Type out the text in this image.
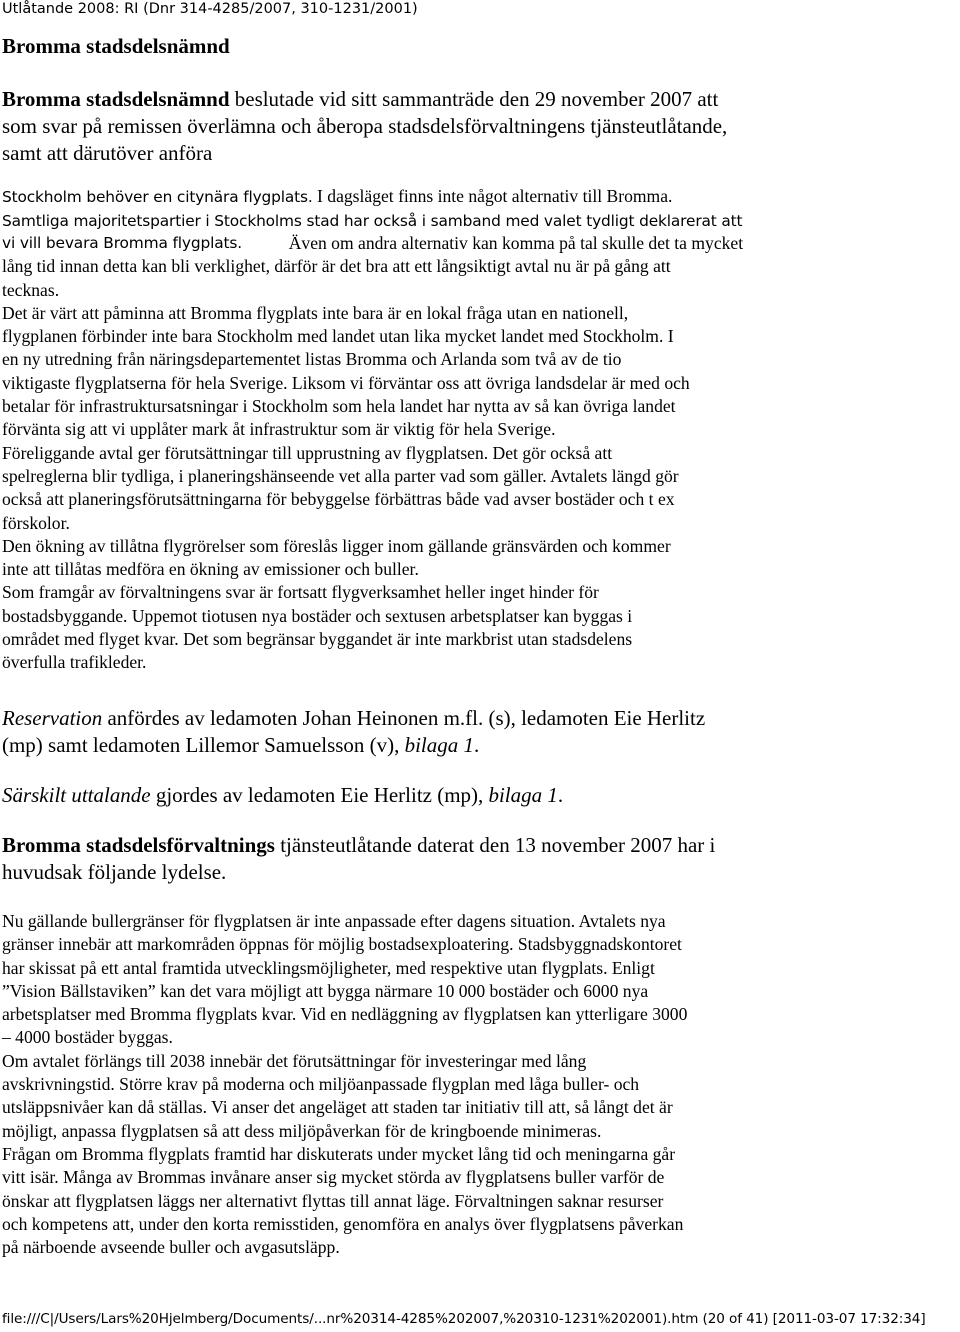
Utlåtande 2008: RI (Dnr 314-4285/2007, 310-1231/2001)
Bromma stadsdelsnämnd
Bromma stadsdelsnämnd beslutade vid sitt sammanträde den 29 november 2007 att
som svar på remissen överlämna och åberopa stadsdelsförvaltningens tjänsteutlåtande,
samt att därutöver anföra
Stockholm behöver en citynära flygplats. I dagsläget finns inte något alternativ till Bromma.
Samtliga majoritetspartier i Stockholms stad har också i samband med valet tydligt deklarerat att
vi vill bevara Bromma flygplats.	Även om andra alternativ kan komma på tal skulle det ta mycket
lång tid innan detta kan bli verklighet, därför är det bra att ett långsiktigt avtal nu är på gång att
tecknas.
Det är värt att påminna att Bromma flygplats inte bara är en lokal fråga utan en nationell,
flygplanen förbinder inte bara Stockholm med landet utan lika mycket landet med Stockholm. I
en ny utredning från näringsdepartementet listas Bromma och Arlanda som två av de tio
viktigaste flygplatserna för hela Sverige. Liksom vi förväntar oss att övriga landsdelar är med och
betalar för infrastruktursatsningar i Stockholm som hela landet har nytta av så kan övriga landet
förvänta sig att vi upplåter mark åt infrastruktur som är viktig för hela Sverige.
Föreliggande avtal ger förutsättningar till upprustning av flygplatsen. Det gör också att
spelreglerna blir tydliga, i planeringshänseende vet alla parter vad som gäller. Avtalets längd gör
också att planeringsförutsättningarna för bebyggelse förbättras både vad avser bostäder och t ex
förskolor.
Den ökning av tillåtna flygrörelser som föreslås ligger inom gällande gränsvärden och kommer
inte att tillåtas medföra en ökning av emissioner och buller.
Som framgår av förvaltningens svar är fortsatt flygverksamhet heller inget hinder för
bostadsbyggande. Uppemot tiotusen nya bostäder och sextusen arbetsplatser kan byggas i
området med flyget kvar. Det som begränsar byggandet är inte markbrist utan stadsdelens
överfulla trafikleder.
Reservation anfördes av ledamoten Johan Heinonen m.fl. (s), ledamoten Eie Herlitz
(mp) samt ledamoten Lillemor Samuelsson (v), bilaga 1.
Särskilt uttalande gjordes av ledamoten Eie Herlitz (mp), bilaga 1.
Bromma stadsdelsförvaltnings tjänsteutlåtande daterat den 13 november 2007 har i
huvudsak följande lydelse.
Nu gällande bullergränser för flygplatsen är inte anpassade efter dagens situation. Avtalets nya
gränser innebär att markområden öppnas för möjlig bostadsexploatering. Stadsbyggnadskontoret
har skissat på ett antal framtida utvecklingsmöjligheter, med respektive utan flygplats. Enligt
”Vision Bällstaviken” kan det vara möjligt att bygga närmare 10 000 bostäder och 6000 nya
arbetsplatser med Bromma flygplats kvar. Vid en nedläggning av flygplatsen kan ytterligare 3000
– 4000 bostäder byggas.
Om avtalet förlängs till 2038 innebär det förutsättningar för investeringar med lång
avskrivningstid. Större krav på moderna och miljöanpassade flygplan med låga buller- och
utsläppsnivåer kan då ställas. Vi anser det angeläget att staden tar initiativ till att, så långt det är
möjligt, anpassa flygplatsen så att dess miljöpåverkan för de kringboende minimeras.
Frågan om Bromma flygplats framtid har diskuterats under mycket lång tid och meningarna går
vitt isär. Många av Brommas invånare anser sig mycket störda av flygplatsens buller varför de
önskar att flygplatsen läggs ner alternativt flyttas till annat läge. Förvaltningen saknar resurser
och kompetens att, under den korta remisstiden, genomföra en analys över flygplatsens påverkan
på närboende avseende buller och avgasutsläpp.
file:///C|/Users/Lars%20Hjelmberg/Documents/...nr%20314-4285%202007,%20310-1231%202001).htm (20 of 41) [2011-03-07 17:32:34]
